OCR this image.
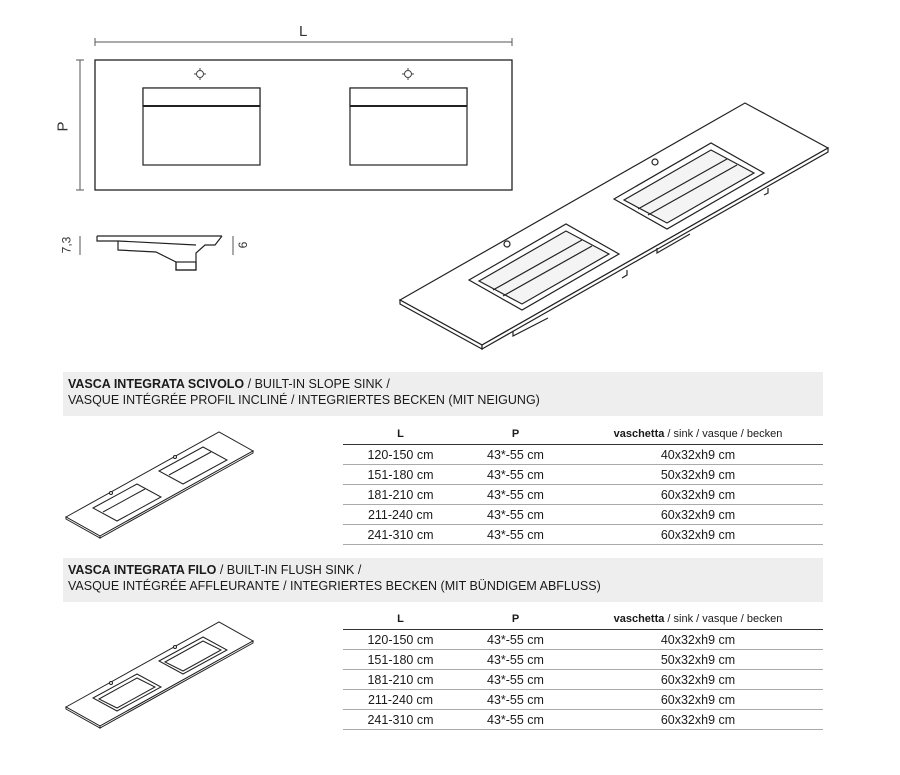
L
P
7,3	9
VASCA INTEGRATA SCIVOLO / BUILT-IN SLOPE SINK /
VASQUE INTÉGRÉE PROFIL INCLINÉ / INTEGRIERTES BECKEN (MIT NEIGUNG)
L	P	vaschetta / sink / vasque / becken
120-150 cm	43*-55 cm	40x32xh9 cm
151-180 cm	43*-55 cm	50x32xh9 cm
181-210 cm	43*-55 cm	60x32xh9 cm
211-240 cm	43*-55 cm	60x32xh9 cm
241-310 cm	43*-55 cm	60x32xh9 cm
VASCA INTEGRATA FILO / BUILT-IN FLUSH SINK /
VASQUE INTÉGRÉE AFFLEURANTE / INTEGRIERTES BECKEN (MIT BÜNDIGEM ABFLUSS)
L	P	vaschetta / sink / vasque / becken
120-150 cm	43*-55 cm	40x32xh9 cm
151-180 cm	43*-55 cm	50x32xh9 cm
181-210 cm	43*-55 cm	60x32xh9 cm
211-240 cm	43*-55 cm	60x32xh9 cm
241-310 cm	43*-55 cm	60x32xh9 cm
